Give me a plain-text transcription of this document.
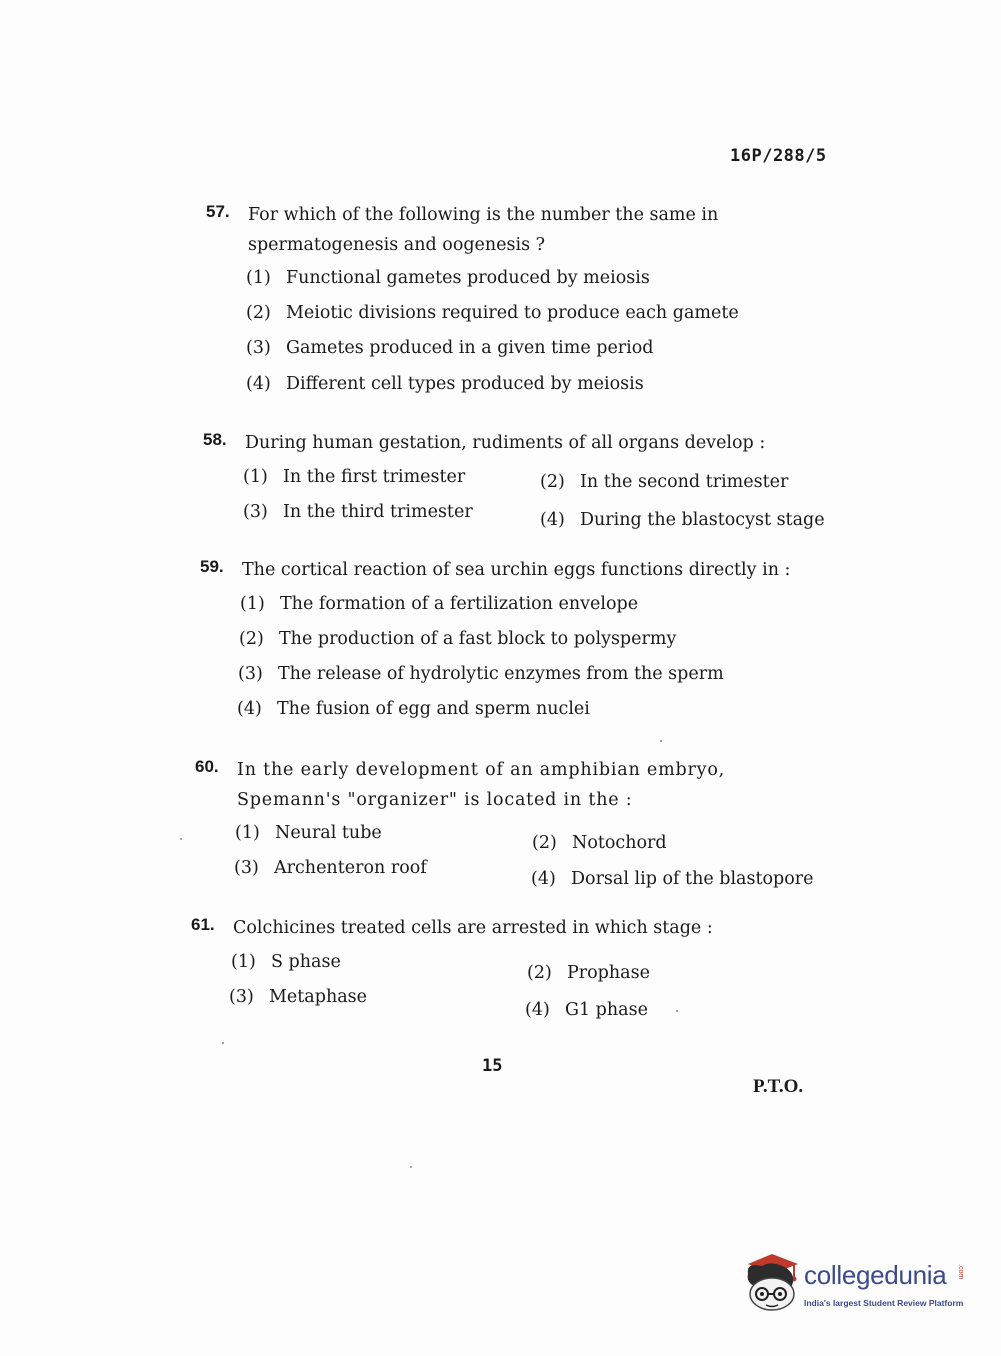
16P/288/5
57. For which of the following is the number the same in spermatogenesis and oogenesis ?
(1) Functional gametes produced by meiosis
(2) Meiotic divisions required to produce each gamete
(3) Gametes produced in a given time period
(4) Different cell types produced by meiosis
58. During human gestation, rudiments of all organs develop :
(1) In the first trimester	(2) In the second trimester
(3) In the third trimester	(4) During the blastocyst stage
59. The cortical reaction of sea urchin eggs functions directly in :
(1) The formation of a fertilization envelope
(2) The production of a fast block to polyspermy
(3) The release of hydrolytic enzymes from the sperm
(4) The fusion of egg and sperm nuclei
60. In the early development of an amphibian embryo, Spemann's "organizer" is located in the :
(1) Neural tube	(2) Notochord
(3) Archenteron roof
(4) Dorsal lip of the blastopore
61. Colchicines treated cells are arrested in which stage :
(1) S phase
(2) Prophase
(3) Metaphase
(4) G1 phase
15
P.T.O.
collegedunia .com
India's largest Student Review Platform
